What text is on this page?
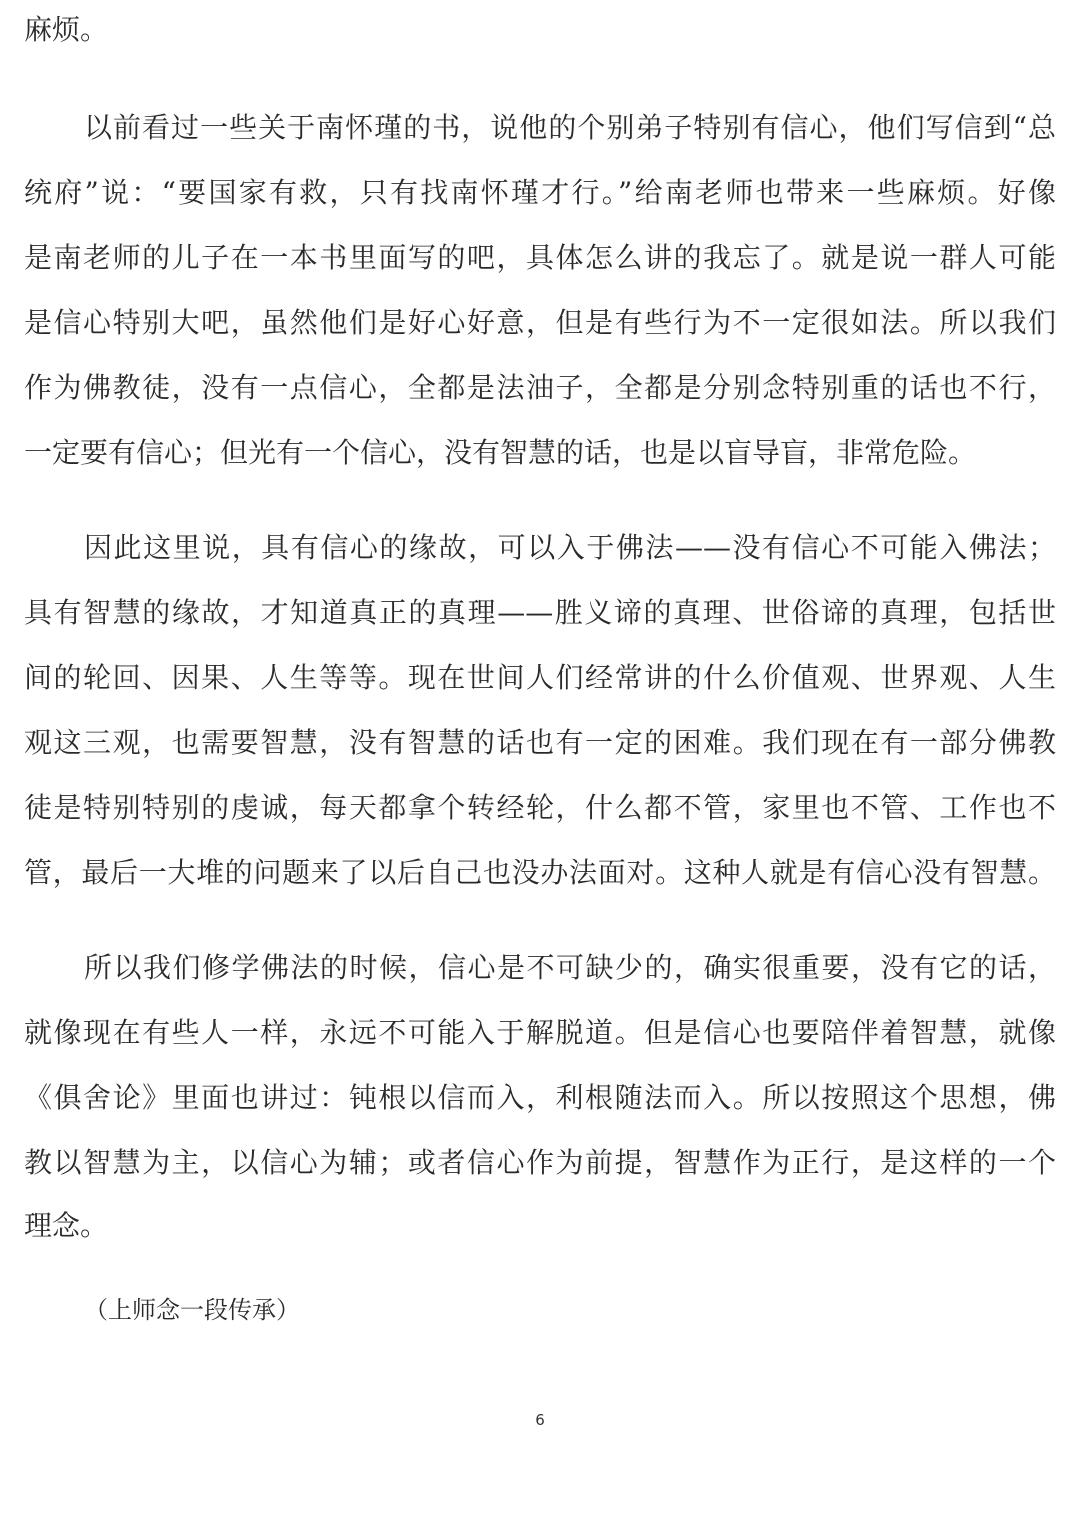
麻烦。
以前看过一些关于南怀瑾的书，说他的个别弟子特别有信心，他们写信到“总
统府”说：“要国家有救，只有找南怀瑾才行。”给南老师也带来一些麻烦。好像
是南老师的儿子在一本书里面写的吧，具体怎么讲的我忘了。就是说一群人可能
是信心特别大吧，虽然他们是好心好意，但是有些行为不一定很如法。所以我们
作为佛教徒，没有一点信心，全都是法油子，全都是分别念特别重的话也不行，
一定要有信心；但光有一个信心，没有智慧的话，也是以盲导盲，非常危险。
因此这里说，具有信心的缘故，可以入于佛法——没有信心不可能入佛法；
具有智慧的缘故，才知道真正的真理——胜义谛的真理、世俗谛的真理，包括世
间的轮回、因果、人生等等。现在世间人们经常讲的什么价值观、世界观、人生
观这三观，也需要智慧，没有智慧的话也有一定的困难。我们现在有一部分佛教
徒是特别特别的虔诚，每天都拿个转经轮，什么都不管，家里也不管、工作也不
管，最后一大堆的问题来了以后自己也没办法面对。这种人就是有信心没有智慧。
所以我们修学佛法的时候，信心是不可缺少的，确实很重要，没有它的话，
就像现在有些人一样，永远不可能入于解脱道。但是信心也要陪伴着智慧，就像
《俱舍论》里面也讲过：钝根以信而入，利根随法而入。所以按照这个思想，佛
教以智慧为主，以信心为辅；或者信心作为前提，智慧作为正行，是这样的一个
理念。
（上师念一段传承）
6
